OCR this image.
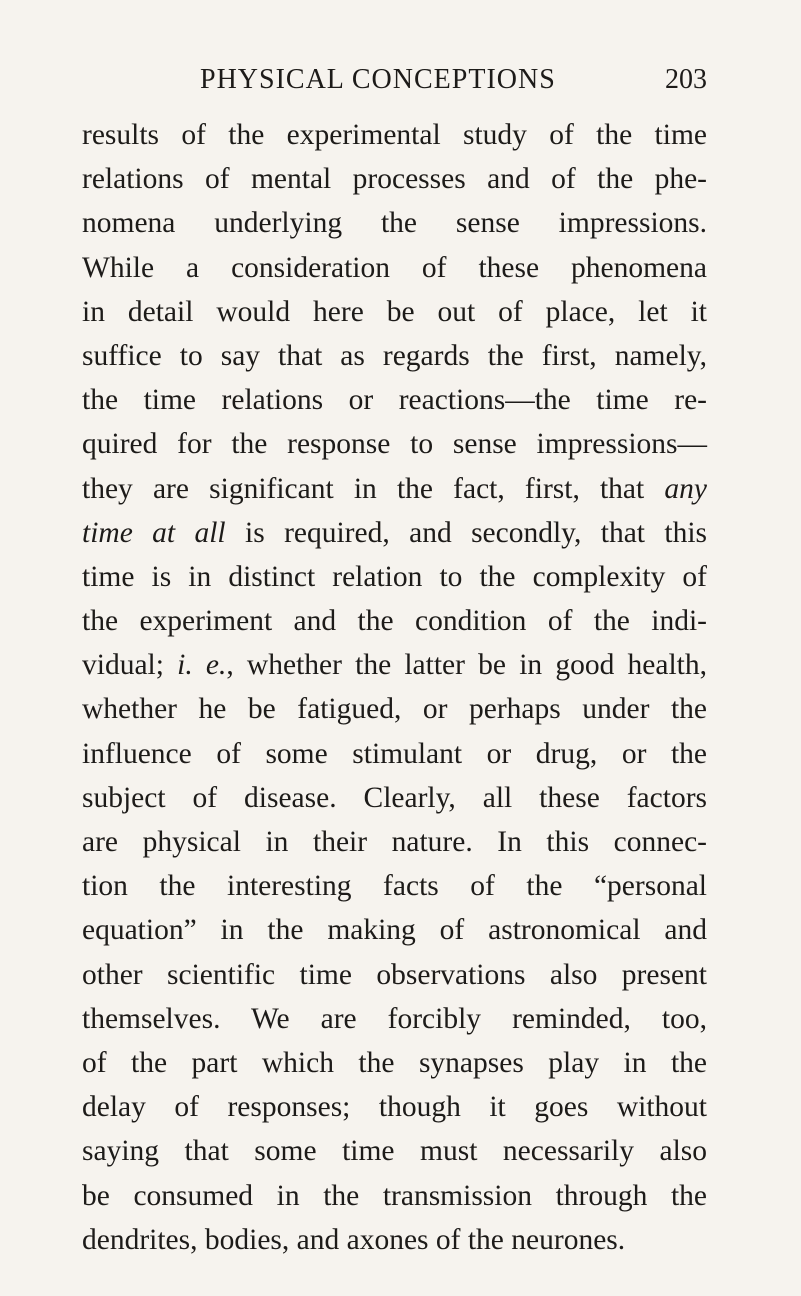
PHYSICAL CONCEPTIONS	203
results of the experimental study of the time
relations of mental processes and of the phe-
nomena underlying the sense impressions.
While a consideration of these phenomena
in detail would here be out of place, let it
suffice to say that as regards the first, namely,
the time relations or reactions—the time re-
quired for the response to sense impressions—
they are significant in the fact, first, that any
time at all is required, and secondly, that this
time is in distinct relation to the complexity of
the experiment and the condition of the indi-
vidual; i. e., whether the latter be in good health,
whether he be fatigued, or perhaps under the
influence of some stimulant or drug, or the
subject of disease. Clearly, all these factors
are physical in their nature. In this connec-
tion the interesting facts of the “personal
equation” in the making of astronomical and
other scientific time observations also present
themselves. We are forcibly reminded, too,
of the part which the synapses play in the
delay of responses; though it goes without
saying that some time must necessarily also
be consumed in the transmission through the
dendrites, bodies, and axones of the neurones.
